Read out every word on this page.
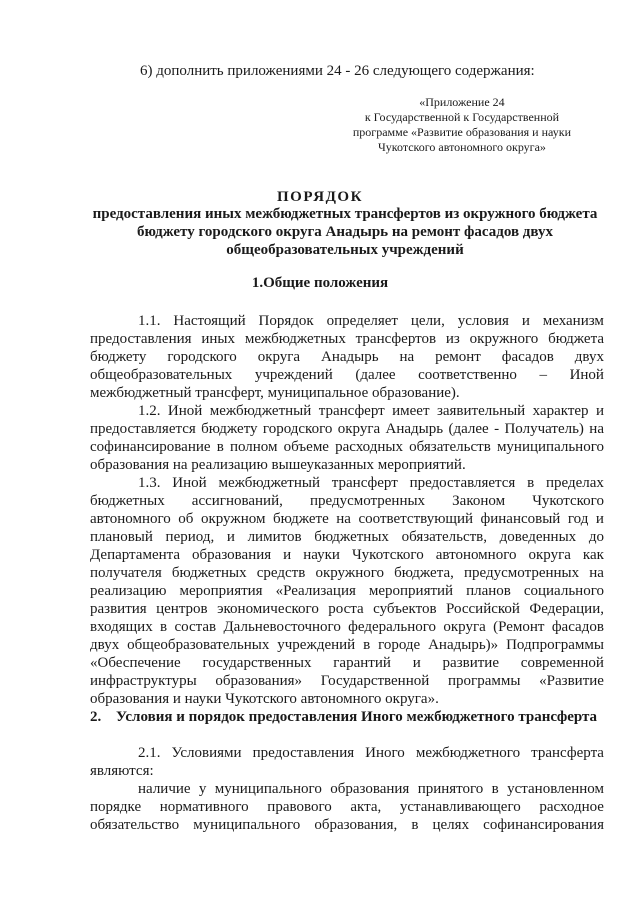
6) дополнить приложениями 24 - 26 следующего содержания:
«Приложение 24
к Государственной к Государственной
программе «Развитие образования и науки
Чукотского автономного округа»
ПОРЯДОК
предоставления иных межбюджетных трансфертов из окружного бюджета
бюджету городского округа Анадырь на ремонт фасадов двух
общеобразовательных учреждений
1.Общие положения
1.1. Настоящий Порядок определяет цели, условия и механизм
предоставления иных межбюджетных трансфертов из окружного бюджета
бюджету городского округа Анадырь на ремонт фасадов двух
общеобразовательных учреждений (далее соответственно – Иной
межбюджетный трансферт, муниципальное образование).
1.2. Иной межбюджетный трансферт имеет заявительный характер и
предоставляется бюджету городского округа Анадырь (далее - Получатель) на
софинансирование в полном объеме расходных обязательств муниципального
образования на реализацию вышеуказанных мероприятий.
1.3. Иной межбюджетный трансферт предоставляется в пределах
бюджетных ассигнований, предусмотренных Законом Чукотского
автономного об окружном бюджете на соответствующий финансовый год и
плановый период, и лимитов бюджетных обязательств, доведенных до
Департамента образования и науки Чукотского автономного округа как
получателя бюджетных средств окружного бюджета, предусмотренных на
реализацию мероприятия «Реализация мероприятий планов социального
развития центров экономического роста субъектов Российской Федерации,
входящих в состав Дальневосточного федерального округа (Ремонт фасадов
двух общеобразовательных учреждений в городе Анадырь)» Подпрограммы
«Обеспечение государственных гарантий и развитие современной
инфраструктуры образования» Государственной программы «Развитие
образования и науки Чукотского автономного округа».
2. Условия и порядок предоставления Иного межбюджетного трансферта
2.1. Условиями предоставления Иного межбюджетного трансферта
являются:
наличие у муниципального образования принятого в установленном
порядке нормативного правового акта, устанавливающего расходное
обязательство муниципального образования, в целях софинансирования
